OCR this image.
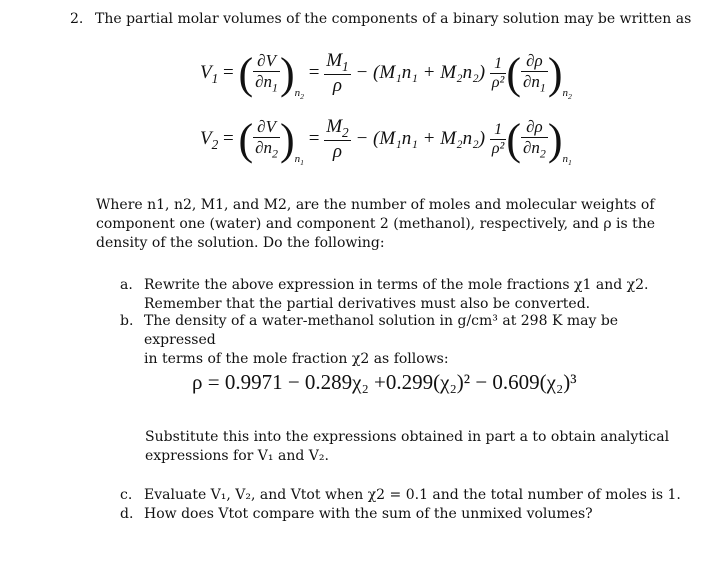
2. The partial molar volumes of the components of a binary solution may be written as
$V_1$ = ( $\frac{\partial V}{\partial n_1} )_{n_2} = \frac{M_1}{\rho} - (M_1n_1 + M_2n_2) \frac{1}{\text{ρ²}}$ ( $\frac{\partial\rho}{\partial n_1} )_{n_2}$
$V_2$ = ( $\frac{\partial V}{\partial n_2} )_{n_1} = \frac{M_2}{\rho} - (M_1n_1 + M_2n_2) \frac{1}{\text{ρ²}}$ ( $\frac{\partial\rho}{\partial n_2} )_{n_1}$
Where n1, n2, M1, and M2, are the number of moles and molecular weights of
component one (water) and component 2 (methanol), respectively, and ρ is the
density of the solution. Do the following:
a. Rewrite the above expression in terms of the mole fractions χ1 and χ2.
Remember that the partial derivatives must also be converted.
b. The density of a water-methanol solution in g/cm³ at 298 K may be expressed
in terms of the mole fraction χ2 as follows:
ρ = 0.9971 − 0.289χ₂ +0.299(χ₂)² − 0.609(χ₂)³
Substitute this into the expressions obtained in part a to obtain analytical
expressions for V₁ and V₂.
c. Evaluate V₁, V₂, and Vtot when χ2 = 0.1 and the total number of moles is 1.
d. How does Vtot compare with the sum of the unmixed volumes?
